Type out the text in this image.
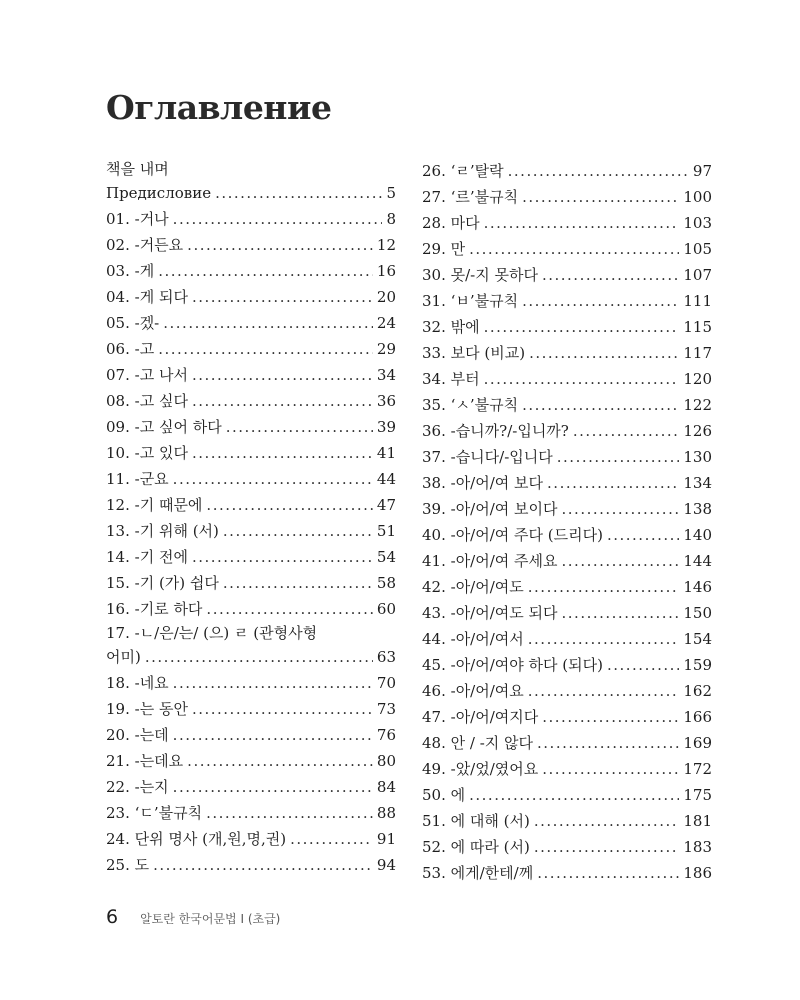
Оглавление
책을 내며
Предисловие .....	5
01. -거나 .....	8
02. -거든요 .....	12
03. -게 .....	16
04. -게 되다 .....	20
05. -겠- .....	24
06. -고 .....	29
07. -고 나서 .....	34
08. -고 싶다 .....	36
09. -고 싶어 하다 .....	39
10. -고 있다 .....	41
11. -군요 .....	44
12. -기 때문에 .....	47
13. -기 위해 (서) .....	51
14. -기 전에 .....	54
15. -기 (가) 쉽다 .....	58
16. -기로 하다 .....	60
17. -ㄴ/은/는/ (으) ㄹ (관형사형
어미) .....	63
18. -네요 .....	70
19. -는 동안 .....	73
20. -는데 .....	76
21. -는데요 .....	80
22. -는지 .....	84
23. ‘ㄷ’불규칙 .....	88
24. 단위 명사 (개,원,명,권) .....	91
25. 도 .....	94
26. ‘ㄹ’탈락 .....	97
27. ‘르’불규칙 .....	100
28. 마다 .....	103
29. 만 .....	105
30. 못/-지 못하다 .....	107
31. ‘ㅂ’불규칙 .....	111
32. 밖에 .....	115
33. 보다 (비교) .....	117
34. 부터 .....	120
35. ‘ㅅ’불규칙 .....	122
36. -습니까?/-입니까? .....	126
37. -습니다/-입니다 .....	130
38. -아/어/여 보다 .....	134
39. -아/어/여 보이다 .....	138
40. -아/어/여 주다 (드리다) .....	140
41. -아/어/여 주세요 .....	144
42. -아/어/여도 .....	146
43. -아/어/여도 되다 .....	150
44. -아/어/여서 .....	154
45. -아/어/여야 하다 (되다) .....	159
46. -아/어/여요 .....	162
47. -아/어/여지다 .....	166
48. 안 / -지 않다 .....	169
49. -았/었/였어요 .....	172
50. 에 .....	175
51. 에 대해 (서) .....	181
52. 에 따라 (서) .....	183
53. 에게/한테/께 .....	186
6 알토란 한국어문법 I (초급)
